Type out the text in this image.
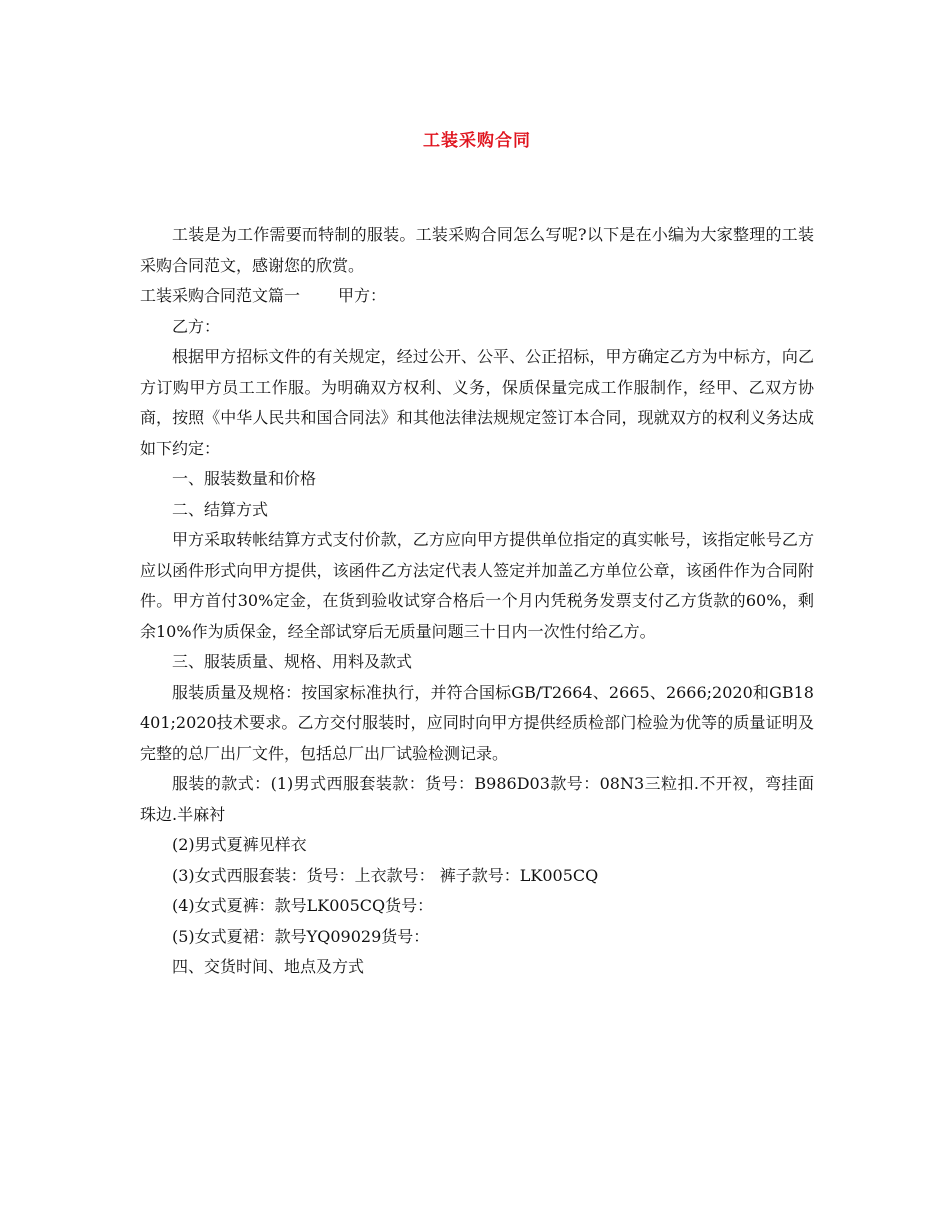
工装采购合同

工装是为工作需要而特制的服装。工装采购合同怎么写呢?以下是在小编为大家整理的工装采购合同范文，感谢您的欣赏。

工装采购合同范文篇一 甲方：

乙方：

根据甲方招标文件的有关规定，经过公开、公平、公正招标，甲方确定乙方为中标方，向乙方订购甲方员工工作服。为明确双方权利、义务，保质保量完成工作服制作，经甲、乙双方协商，按照《中华人民共和国合同法》和其他法律法规规定签订本合同，现就双方的权利义务达成如下约定：

一、服装数量和价格

二、结算方式

甲方采取转帐结算方式支付价款，乙方应向甲方提供单位指定的真实帐号，该指定帐号乙方应以函件形式向甲方提供，该函件乙方法定代表人签定并加盖乙方单位公章，该函件作为合同附件。甲方首付30%定金，在货到验收试穿合格后一个月内凭税务发票支付乙方货款的60%，剩余10%作为质保金，经全部试穿后无质量问题三十日内一次性付给乙方。

三、服装质量、规格、用料及款式

服装质量及规格：按国家标准执行，并符合国标GB/T2664、2665、2666;2020和GB18401;2020技术要求。乙方交付服装时，应同时向甲方提供经质检部门检验为优等的质量证明及完整的总厂出厂文件，包括总厂出厂试验检测记录。

服装的款式：(1)男式西服套装款：货号：B986D03款号：08N3三粒扣.不开衩，弯挂面珠边.半麻衬

(2)男式夏裤见样衣

(3)女式西服套装：货号：上衣款号： 裤子款号：LK005CQ

(4)女式夏裤：款号LK005CQ货号：

(5)女式夏裙：款号YQ09029货号：

四、交货时间、地点及方式
